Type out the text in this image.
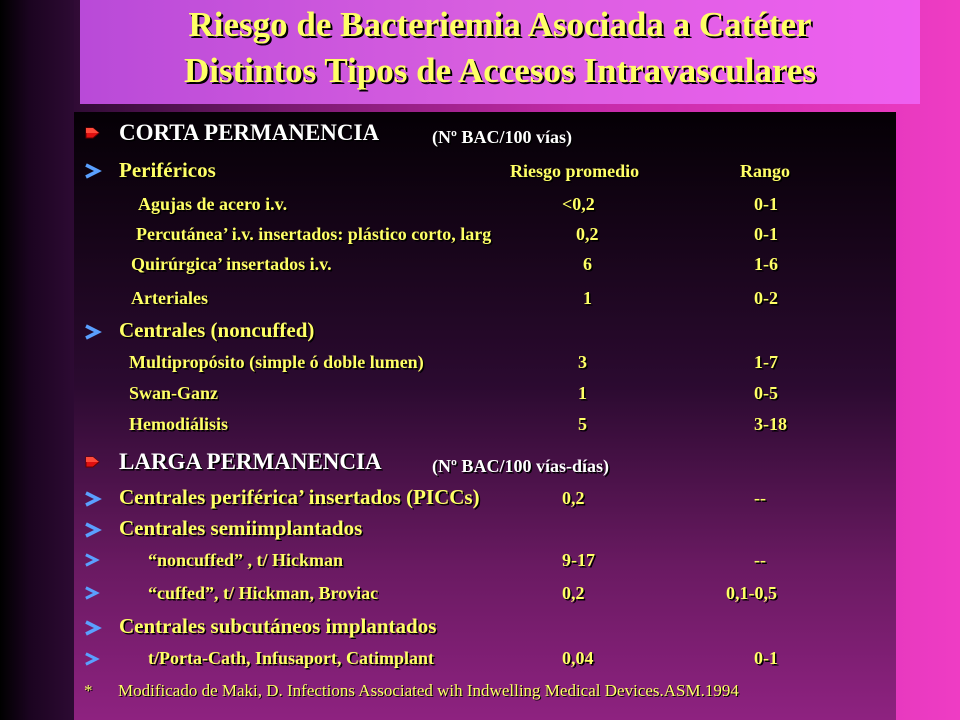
Riesgo de Bacteriemia Asociada a Catéter
Distintos Tipos de Accesos Intravasculares
CORTA PERMANENCIA	(Nº BAC/100 vías)
Periféricos	Riesgo promedio	Rango
Agujas de acero i.v.	<0,2	0-1
Percutánea’ i.v. insertados: plástico corto, larg	0,2	0-1
Quirúrgica’ insertados i.v.	6	1-6
Arteriales	1	0-2
Centrales (noncuffed)
Multipropósito (simple ó doble lumen)	3	1-7
Swan-Ganz	1	0-5
Hemodiálisis	5	3-18
LARGA PERMANENCIA	(Nº BAC/100 vías-días)
Centrales periférica’ insertados (PICCs)	0,2	--
Centrales semiimplantados
“noncuffed” , t/ Hickman	9-17	--
“cuffed”, t/ Hickman, Broviac	0,2	0,1-0,5
Centrales subcutáneos implantados
t/Porta-Cath, Infusaport, Catimplant	0,04	0-1
* Modificado de Maki, D. Infections Associated wih Indwelling Medical Devices.ASM.1994
